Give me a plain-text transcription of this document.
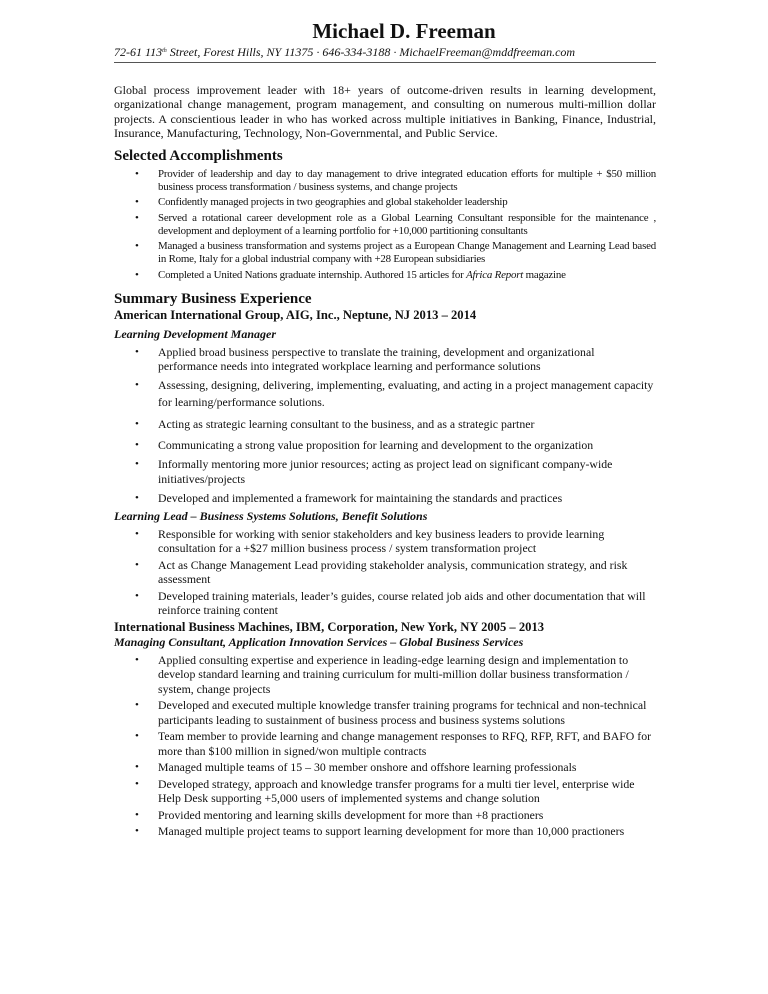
Michael D. Freeman
72-61 113th Street, Forest Hills, NY 11375 · 646-334-3188 · MichaelFreeman@mddfreeman.com
Global process improvement leader with 18+ years of outcome-driven results in learning development, organizational change management, program management, and consulting on numerous multi-million dollar projects. A conscientious leader in who has worked across multiple initiatives in Banking, Finance, Industrial, Insurance, Manufacturing, Technology, Non-Governmental, and Public Service.
Selected Accomplishments
• Provider of leadership and day to day management to drive integrated education efforts for multiple + $50 million business process transformation / business systems, and change projects
• Confidently managed projects in two geographies and global stakeholder leadership
• Served a rotational career development role as a Global Learning Consultant responsible for the maintenance , development and deployment of a learning portfolio for +10,000 partitioning consultants
• Managed a business transformation and systems project as a European Change Management and Learning Lead based in Rome, Italy for a global industrial company with +28 European subsidiaries
• Completed a United Nations graduate internship. Authored 15 articles for Africa Report magazine
Summary Business Experience
American International Group, AIG, Inc., Neptune, NJ 2013 – 2014
Learning Development Manager
• Applied broad business perspective to translate the training, development and organizational performance needs into integrated workplace learning and performance solutions
• Assessing, designing, delivering, implementing, evaluating, and acting in a project management capacity for learning/performance solutions.
• Acting as strategic learning consultant to the business, and as a strategic partner
• Communicating a strong value proposition for learning and development to the organization
• Informally mentoring more junior resources; acting as project lead on significant company-wide initiatives/projects
• Developed and implemented a framework for maintaining the standards and practices
Learning Lead – Business Systems Solutions, Benefit Solutions
• Responsible for working with senior stakeholders and key business leaders to provide learning consultation for a +$27 million business process / system transformation project
• Act as Change Management Lead providing stakeholder analysis, communication strategy, and risk assessment
• Developed training materials, leader’s guides, course related job aids and other documentation that will reinforce training content
International Business Machines, IBM, Corporation, New York, NY 2005 – 2013
Managing Consultant, Application Innovation Services – Global Business Services
• Applied consulting expertise and experience in leading-edge learning design and implementation to develop standard learning and training curriculum for multi-million dollar business transformation / system, change projects
• Developed and executed multiple knowledge transfer training programs for technical and non-technical participants leading to sustainment of business process and business systems solutions
• Team member to provide learning and change management responses to RFQ, RFP, RFT, and BAFO for more than $100 million in signed/won multiple contracts
• Managed multiple teams of 15 – 30 member onshore and offshore learning professionals
• Developed strategy, approach and knowledge transfer programs for a multi tier level, enterprise wide Help Desk supporting +5,000 users of implemented systems and change solution
• Provided mentoring and learning skills development for more than +8 practioners
• Managed multiple project teams to support learning development for more than 10,000 practioners
